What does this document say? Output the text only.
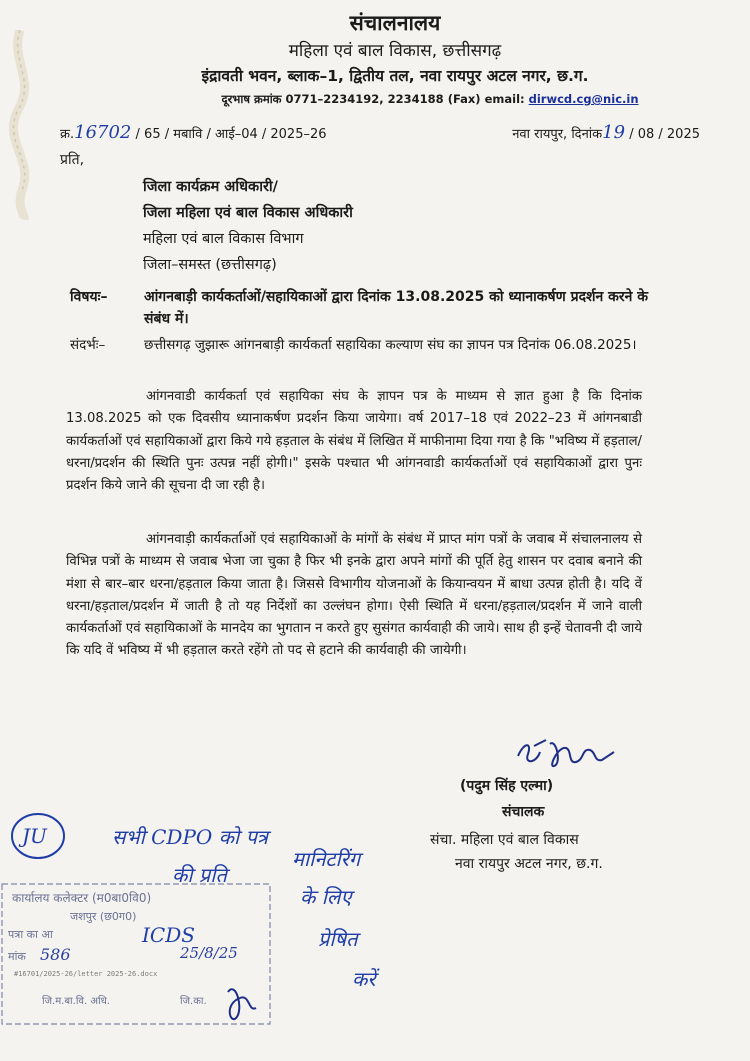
संचालनालय
महिला एवं बाल विकास, छत्तीसगढ़
इंद्रावती भवन, ब्लाक–1, द्वितीय तल, नवा रायपुर अटल नगर, छ.ग.
दूरभाष क्रमांक 0771–2234192, 2234188 (Fax) email: dirwcd.cg@nic.in
क्र.16702 / 65 / मबावि / आई–04 / 2025–26	नवा रायपुर, दिनांक19 / 08 / 2025
प्रति,
जिला कार्यक्रम अधिकारी/
जिला महिला एवं बाल विकास अधिकारी
महिला एवं बाल विकास विभाग
जिला–समस्त (छत्तीसगढ़)
विषयः–	आंगनबाड़ी कार्यकर्ताओं/सहायिकाओं द्वारा दिनांक 13.08.2025 को ध्यानाकर्षण प्रदर्शन करने के संबंध में।
संदर्भः–	छत्तीसगढ़ जुझारू आंगनबाड़ी कार्यकर्ता सहायिका कल्याण संघ का ज्ञापन पत्र दिनांक 06.08.2025।
आंगनवाडी कार्यकर्ता एवं सहायिका संघ के ज्ञापन पत्र के माध्यम से ज्ञात हुआ है कि दिनांक 13.08.2025 को एक दिवसीय ध्यानाकर्षण प्रदर्शन किया जायेगा। वर्ष 2017–18 एवं 2022–23 में आंगनबाडी कार्यकर्ताओं एवं सहायिकाओं द्वारा किये गये हड़ताल के संबंध में लिखित में माफीनामा दिया गया है कि "भविष्य में हड़ताल/धरना/प्रदर्शन की स्थिति पुनः उत्पन्न नहीं होगी।" इसके पश्चात भी आंगनवाडी कार्यकर्ताओं एवं सहायिकाओं द्वारा पुनः प्रदर्शन किये जाने की सूचना दी जा रही है।
आंगनवाड़ी कार्यकर्ताओं एवं सहायिकाओं के मांगों के संबंध में प्राप्त मांग पत्रों के जवाब में संचालनालय से विभिन्न पत्रों के माध्यम से जवाब भेजा जा चुका है फिर भी इनके द्वारा अपने मांगों की पूर्ति हेतु शासन पर दवाब बनाने की मंशा से बार–बार धरना/हड़ताल किया जाता है। जिससे विभागीय योजनाओं के कियान्वयन में बाधा उत्पन्न होती है। यदि वें धरना/हड़ताल/प्रदर्शन में जाती है तो यह निर्देशों का उल्लंघन होगा। ऐसी स्थिति में धरना/हड़ताल/प्रदर्शन में जाने वाली कार्यकर्ताओं एवं सहायिकाओं के मानदेय का भुगतान न करते हुए सुसंगत कार्यवाही की जाये। साथ ही इन्हें चेतावनी दी जाये कि यदि वें भविष्य में भी हड़ताल करते रहेंगे तो पद से हटाने की कार्यवाही की जायेगी।
(पदुम सिंह एल्मा)
संचालक
संचा. महिला एवं बाल विकास
नवा रायपुर अटल नगर, छ.ग.
कार्यालय कलेक्टर (म0बा0वि0)
जशपुर (छ0ग0)
पत्रा का आ
मांक 586	25/8/25
#16701/2025-26/letter 2025-26.docx
जि.म.बा.वि. अधि.	जि.का.
JU	सभी CDPO को पत्र
की प्रति
ICDS
मानिटरिंग
के लिए
प्रेषित
करें
